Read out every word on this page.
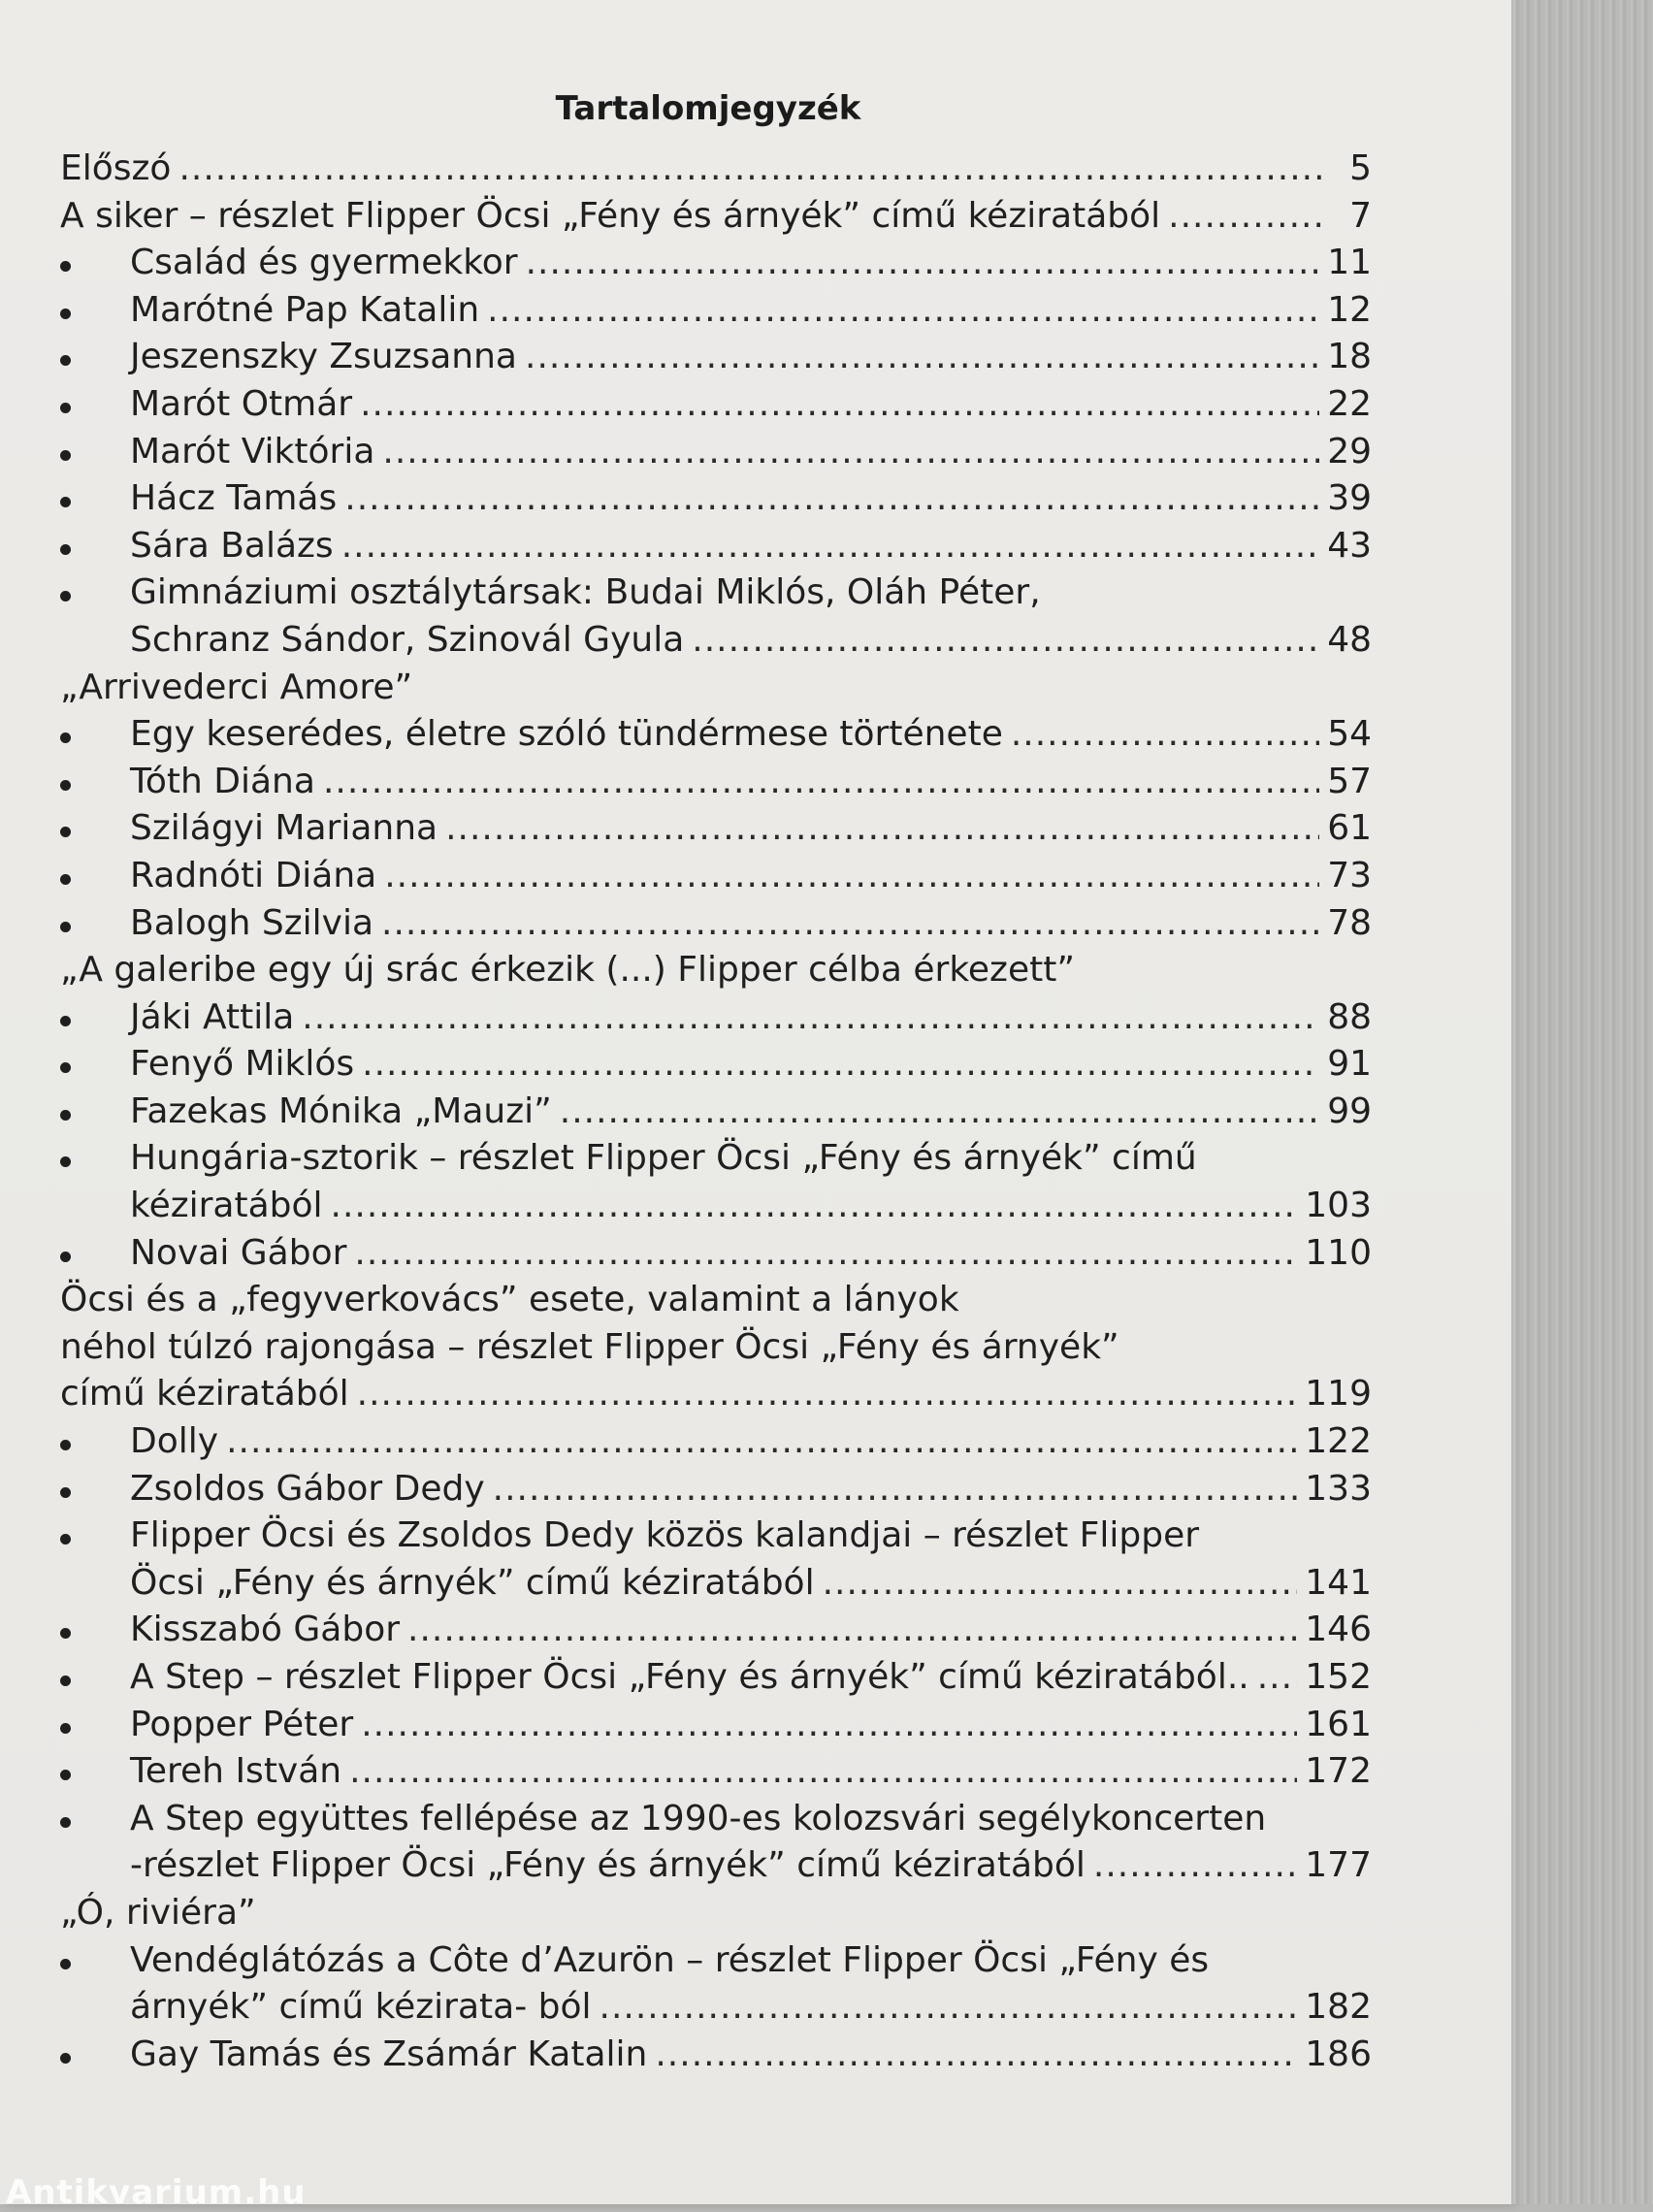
Tartalomjegyzék
Előszó .....	5
A siker – részlet Flipper Öcsi „Fény és árnyék” című kéziratából .....	7
Család és gyermekkor .....	11
Marótné Pap Katalin .....	12
Jeszenszky Zsuzsanna .....	18
Marót Otmár .....	22
Marót Viktória .....	29
Hácz Tamás .....	39
Sára Balázs .....	43
Gimnáziumi osztálytársak: Budai Miklós, Oláh Péter,
Schranz Sándor, Szinovál Gyula .....	48
„Arrivederci Amore”
Egy keserédes, életre szóló tündérmese története .....	54
Tóth Diána .....	57
Szilágyi Marianna .....	61
Radnóti Diána .....	73
Balogh Szilvia .....	78
„A galeribe egy új srác érkezik (...) Flipper célba érkezett”
Jáki Attila .....	88
Fenyő Miklós .....	91
Fazekas Mónika „Mauzi” .....	99
Hungária-sztorik – részlet Flipper Öcsi „Fény és árnyék” című
kéziratából .....	103
Novai Gábor .....	110
Öcsi és a „fegyverkovács” esete, valamint a lányok
néhol túlzó rajongása – részlet Flipper Öcsi „Fény és árnyék”
című kéziratából .....	119
Dolly .....	122
Zsoldos Gábor Dedy .....	133
Flipper Öcsi és Zsoldos Dedy közös kalandjai – részlet Flipper
Öcsi „Fény és árnyék” című kéziratából .....	141
Kisszabó Gábor .....	146
A Step – részlet Flipper Öcsi „Fény és árnyék” című kéziratából.. ..... 152
Popper Péter .....	161
Tereh István .....	172
A Step együttes fellépése az 1990-es kolozsvári segélykoncerten
-részlet Flipper Öcsi „Fény és árnyék” című kéziratából .....	177
„Ó, riviéra”
Vendéglátózás a Côte d’Azurön – részlet Flipper Öcsi „Fény és
árnyék” című kézirata- ból .....	182
Gay Tamás és Zsámár Katalin .....	186
Antikvarium.hu
